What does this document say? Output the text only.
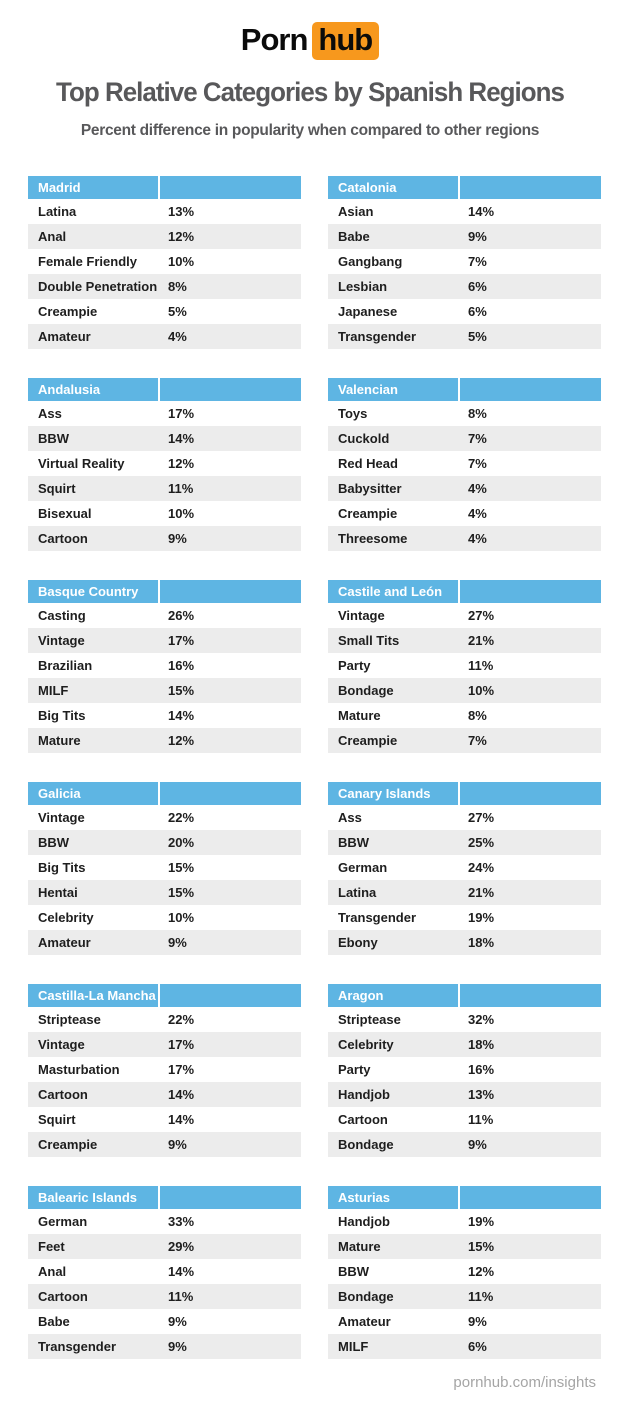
Porn hub
Top Relative Categories by Spanish Regions
Percent difference in popularity when compared to other regions
Madrid
Latina	13%
Anal	12%
Female Friendly	10%
Double Penetration 8%
Creampie	5%
Amateur	4%
Catalonia
Asian	14%
Babe	9%
Gangbang	7%
Lesbian	6%
Japanese	6%
Transgender	5%
Andalusia
Ass	17%
BBW	14%
Virtual Reality	12%
Squirt	11%
Bisexual	10%
Cartoon	9%
Valencian
Toys	8%
Cuckold	7%
Red Head	7%
Babysitter	4%
Creampie	4%
Threesome	4%
Basque Country
Casting	26%
Vintage	17%
Brazilian	16%
MILF	15%
Big Tits	14%
Mature	12%
Castile and León
Vintage	27%
Small Tits	21%
Party	11%
Bondage	10%
Mature	8%
Creampie	7%
Galicia
Vintage	22%
BBW	20%
Big Tits	15%
Hentai	15%
Celebrity	10%
Amateur	9%
Canary Islands
Ass	27%
BBW	25%
German	24%
Latina	21%
Transgender	19%
Ebony	18%
Castilla-La Mancha
Striptease	22%
Vintage	17%
Masturbation	17%
Cartoon	14%
Squirt	14%
Creampie	9%
Aragon
Striptease	32%
Celebrity	18%
Party	16%
Handjob	13%
Cartoon	11%
Bondage	9%
Balearic Islands
German	33%
Feet	29%
Anal	14%
Cartoon	11%
Babe	9%
Transgender	9%
Asturias
Handjob	19%
Mature	15%
BBW	12%
Bondage	11%
Amateur	9%
MILF	6%
pornhub.com/insights
